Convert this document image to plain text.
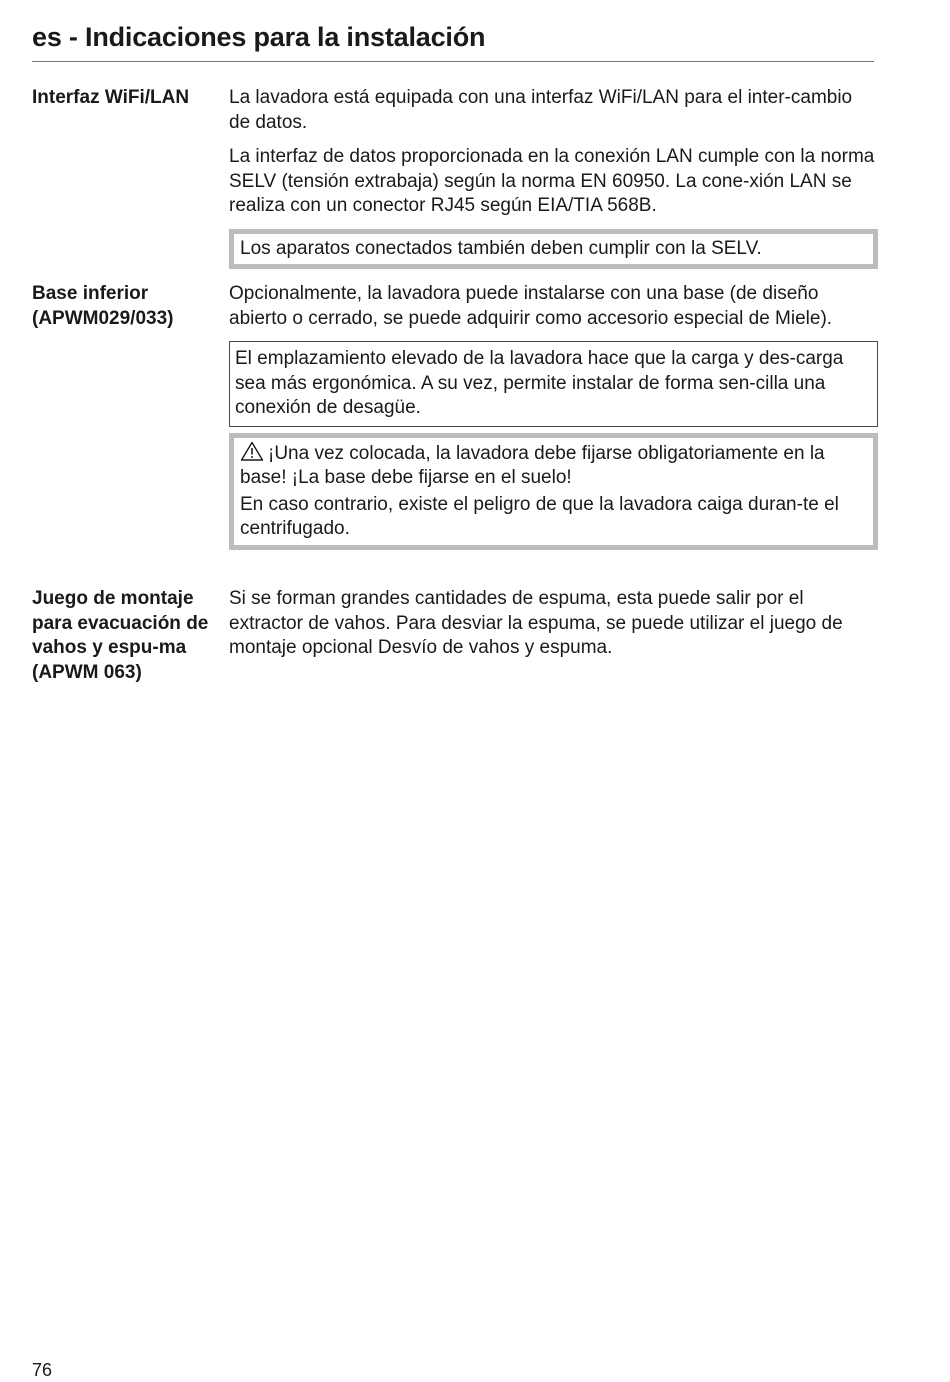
es - Indicaciones para la instalación
Interfaz WiFi/LAN	La lavadora está equipada con una interfaz WiFi/LAN para el inter-cambio de datos.

La interfaz de datos proporcionada en la conexión LAN cumple con la norma SELV (tensión extrabaja) según la norma EN 60950. La cone-xión LAN se realiza con un conector RJ45 según EIA/TIA 568B.

Los aparatos conectados también deben cumplir con la SELV.
Base inferior (APWM029/033)

Opcionalmente, la lavadora puede instalarse con una base (de diseño abierto o cerrado, se puede adquirir como accesorio especial de Miele).

El emplazamiento elevado de la lavadora hace que la carga y des-carga sea más ergonómica. A su vez, permite instalar de forma sen-cilla una conexión de desagüe.
¡Una vez colocada, la lavadora debe fijarse obligatoriamente en la base! ¡La base debe fijarse en el suelo!
En caso contrario, existe el peligro de que la lavadora caiga duran-te el centrifugado.
Juego de montaje para evacuación de vahos y espu-ma (APWM 063)

Si se forman grandes cantidades de espuma, esta puede salir por el extractor de vahos. Para desviar la espuma, se puede utilizar el juego de montaje opcional Desvío de vahos y espuma.

76
